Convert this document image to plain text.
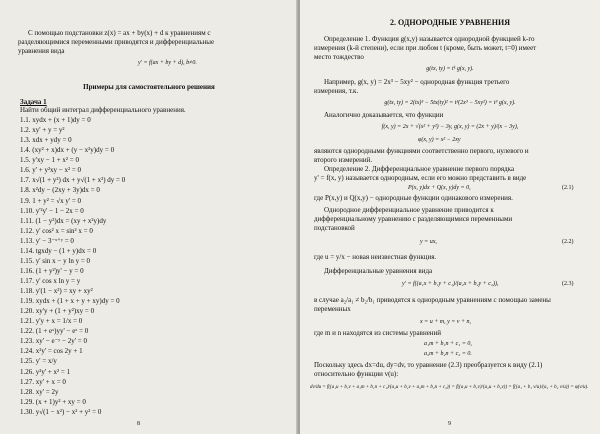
С помощью подстановки z(x) = ax + by(x) + d к уравнениям с
разделяющимися переменными приводятся и дифференциальные
уравнения вида
y' = f(ax + by + d), b≠0.
Примеры для самостоятельного решения
Задача 1
Найти общий интеграл дифференциального уравнения.
1.1. xydx + (x + 1)dy = 0
1.2. xy' + y = y²
1.3. xdx + ydy = 0
1.4. (xy² + x)dx + (y − x²y)dy = 0
1.5. y'xy − 1 + x² = 0
1.6. y' + y²xy − x² = 0
1.7. x√(1 + y²) dx + y√(1 + x²) dy = 0
1.8. x²dy − (2xy + 3y)dx = 0
1.9. 1 + y² = √x y' = 0
1.10. y'²y' − 1 − 2x = 0
1.11. (1 − y²)dx = (xy + x²y)dy
1.12. y' cos² x = sin² x = 0
1.13. y' − 3⁻ˣ⁺ʸ = 0
1.14. tgxdy − (1 + y)dx = 0
1.15. y' sin x − y ln y = 0
1.16. (1 + y²)y' − y = 0
1.17. y' cos x ln y = y
1.18. y'(1 − x²) = xy + xy²
1.19. xydx + (1 + x + y + xy)dy = 0
1.20. xy'y + (1 + y²)xy = 0
1.21. y'y + x = 1/x = 0
1.22. (1 + eˣ)yy' − eˣ = 0
1.23. xy' − e⁻ʸ − 2y' = 0
1.24. x²y' = cos 2y + 1
1.25. y' = x/y
1.26. y²y' + x² = 1
1.27. xy' + x = 0
1.28. xy' = 2y
1.29. (x + 1)y² + xy = 0
1.30. y√(1 − x²) − x² + y² = 0
8
2. ОДНОРОДНЫЕ УРАВНЕНИЯ
Определение 1. Функция g(x,y) называется однородной функцией k-го
измерения (k-й степени), если при любом t (кроме, быть может, t=0) имеет
место тождество
g(tx, ty) = tᵏ g(x, y).
Например, g(x, y) = 2x³ − 5xy² − однородная функция третьего
измерения, т.к.
g(tx, ty) = 2(tx)³ − 5tx(ty)² = t³(2x³ − 5xy²) = t³ g(x, y).
Аналогично доказывается, что функции
f(x, y) = 2x + √(x² + y²) − 3y, g(x, y) = (2x + y)/(x − 3y),
φ(x, y) = x² − 2xy
являются однородными функциями соответственно первого, нулевого и
второго измерений.
Определение 2. Дифференциальное уравнение первого порядка
y' = f(x, y) называется однородным, если его можно представить в виде
P(x, y)dx + Q(x, y)dy = 0,	(2.1)
где P(x,y) и Q(x,y) − однородные функции одинакового измерения.
Однородное дифференциальное уравнение приводится к
дифференциальному уравнению с разделяющимися переменными
подстановкой
y = ux,	(2.2)
где u = y/x − новая неизвестная функция.
Дифференциальные уравнения вида
y' = f((a₁x + b₁y + c₁)/(a₂x + b₂y + c₂)),	(2.3)
в случае a₂/a₁ ≠ b₂/b₁ приводятся к однородным уравнениям с помощью замены
переменных
x = u + m, y = v + n,
где m и n находятся из системы уравнений
a₁m + b₁n + c₁ = 0,
a₂m + b₂n + c₂ = 0.
Поскольку здесь dx=du, dy=dv, то уравнение (2.3) преобразуется к виду (2.1)
относительно функции v(u):
dv/du = f((a₁u + b₁v + a₁m + b₁n + c₁)/(a₂u + b₂v + a₂m + b₂n + c₂)) = f((a₁u + b₁v)/(a₂u + b₂v)) = f((a₁ + b₁ v/u)/(a₂ + b₂ v/u)) = φ(v/u).
9
